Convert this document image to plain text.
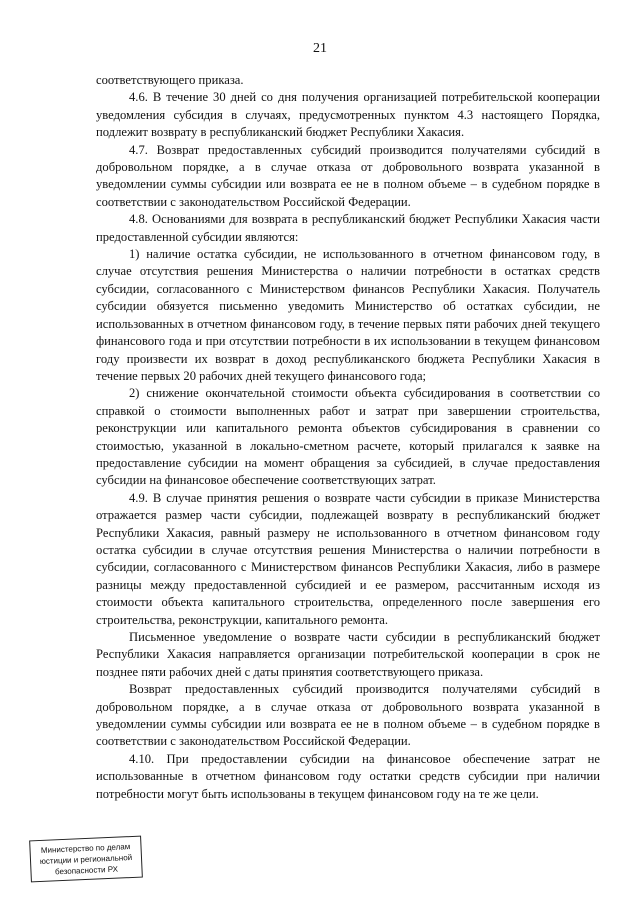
21

соответствующего приказа.

4.6. В течение 30 дней со дня получения организацией потребительской кооперации уведомления субсидия в случаях, предусмотренных пунктом 4.3 настоящего Порядка, подлежит возврату в республиканский бюджет Республики Хакасия.

4.7. Возврат предоставленных субсидий производится получателями субсидий в добровольном порядке, а в случае отказа от добровольного возврата указанной в уведомлении суммы субсидии или возврата ее не в полном объеме – в судебном порядке в соответствии с законодательством Российской Федерации.

4.8. Основаниями для возврата в республиканский бюджет Республики Хакасия части предоставленной субсидии являются:

1) наличие остатка субсидии, не использованного в отчетном финансовом году, в случае отсутствия решения Министерства о наличии потребности в остатках средств субсидии, согласованного с Министерством финансов Республики Хакасия. Получатель субсидии обязуется письменно уведомить Министерство об остатках субсидии, не использованных в отчетном финансовом году, в течение первых пяти рабочих дней текущего финансового года и при отсутствии потребности в их использовании в текущем финансовом году произвести их возврат в доход республиканского бюджета Республики Хакасия в течение первых 20 рабочих дней текущего финансового года;

2) снижение окончательной стоимости объекта субсидирования в соответствии со справкой о стоимости выполненных работ и затрат при завершении строительства, реконструкции или капитального ремонта объектов субсидирования в сравнении со стоимостью, указанной в локально-сметном расчете, который прилагался к заявке на предоставление субсидии на момент обращения за субсидией, в случае предоставления субсидии на финансовое обеспечение соответствующих затрат.

4.9. В случае принятия решения о возврате части субсидии в приказе Министерства отражается размер части субсидии, подлежащей возврату в республиканский бюджет Республики Хакасия, равный размеру не использованного в отчетном финансовом году остатка субсидии в случае отсутствия решения Министерства о наличии потребности в субсидии, согласованного с Министерством финансов Республики Хакасия, либо в размере разницы между предоставленной субсидией и ее размером, рассчитанным исходя из стоимости объекта капитального строительства, определенного после завершения его строительства, реконструкции, капитального ремонта.

Письменное уведомление о возврате части субсидии в республиканский бюджет Республики Хакасия направляется организации потребительской кооперации в срок не позднее пяти рабочих дней с даты принятия соответствующего приказа.

Возврат предоставленных субсидий производится получателями субсидий в добровольном порядке, а в случае отказа от добровольного возврата указанной в уведомлении суммы субсидии или возврата ее не в полном объеме – в судебном порядке в соответствии с законодательством Российской Федерации.

4.10. При предоставлении субсидии на финансовое обеспечение затрат не использованные в отчетном финансовом году остатки средств субсидии при наличии потребности могут быть использованы в текущем финансовом году на те же цели.

Министерство по делам
юстиции и региональной
безопасности РХ
